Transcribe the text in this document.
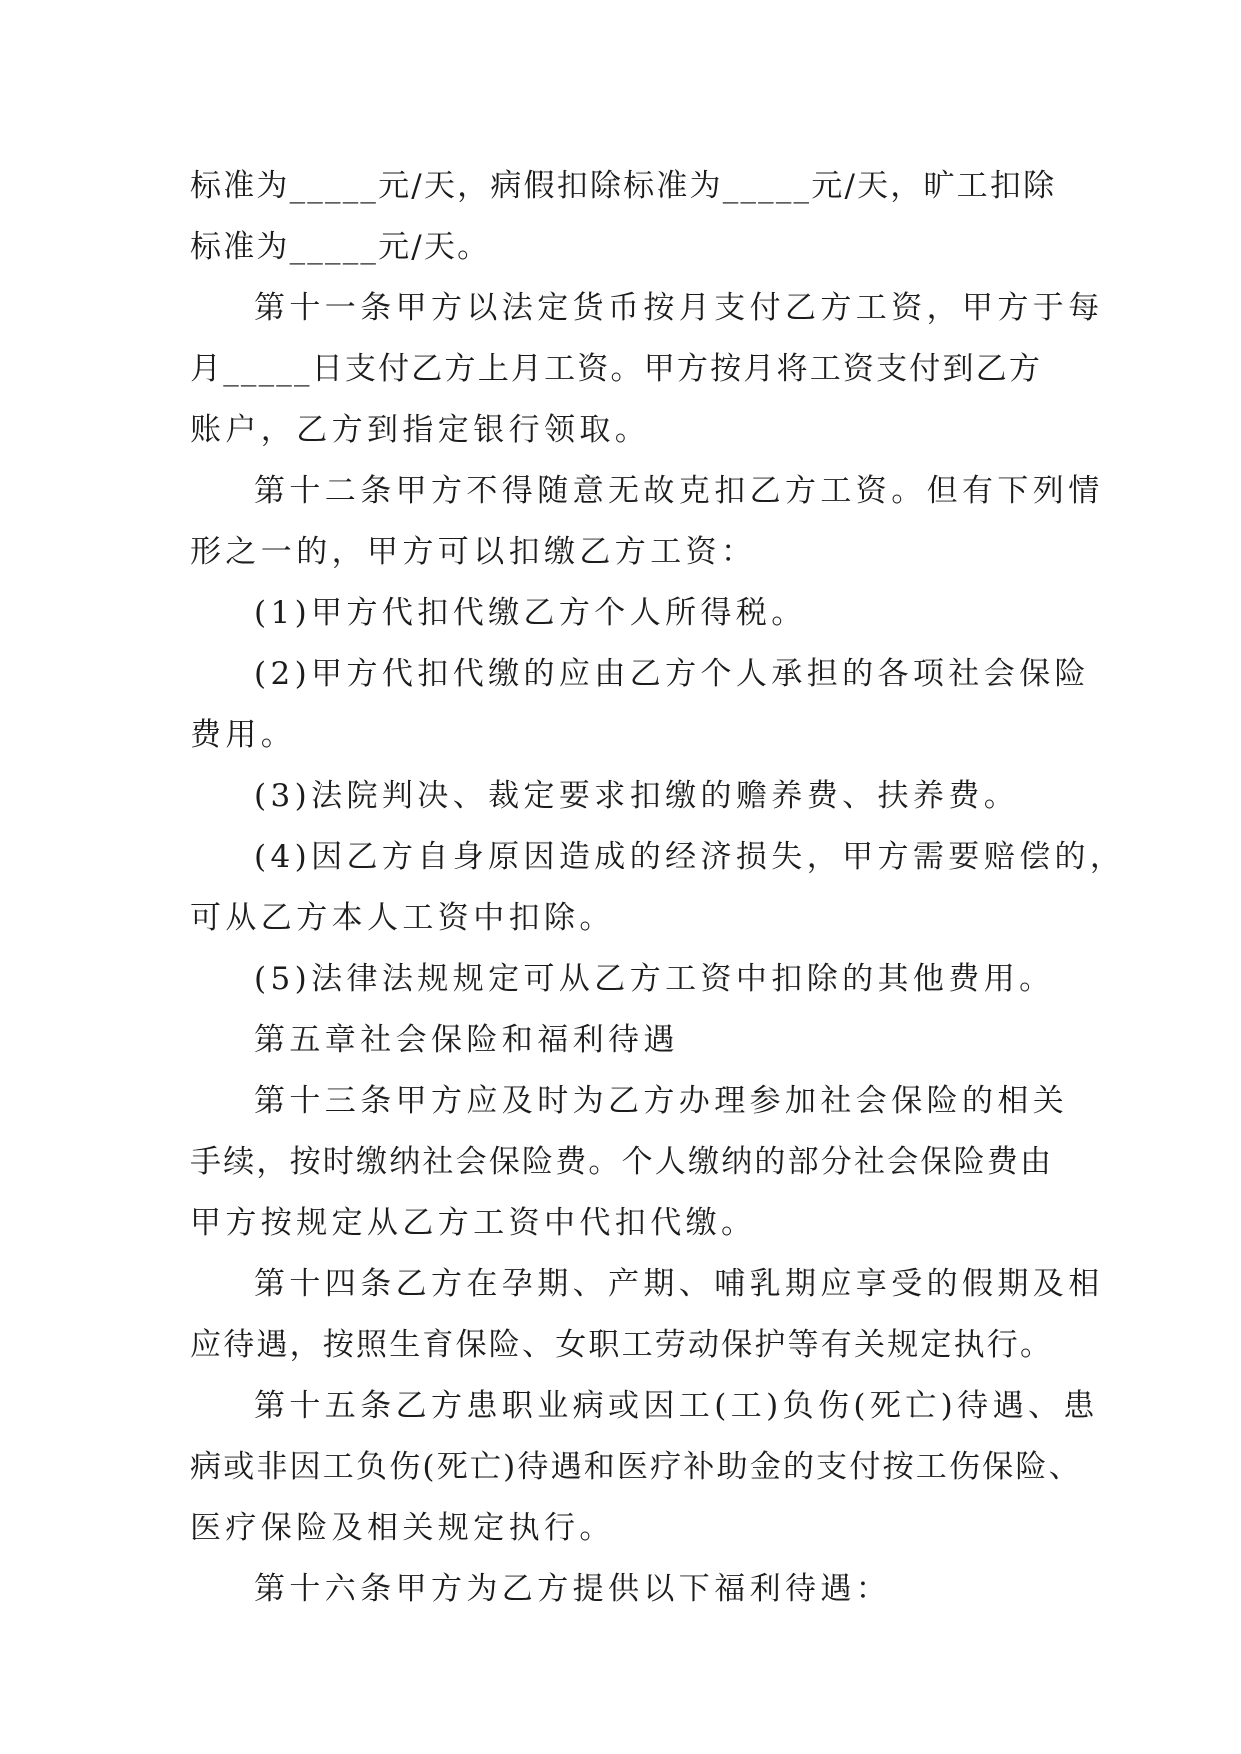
标准为_____元/天，病假扣除标准为_____元/天，旷工扣除
标准为_____元/天。
第十一条甲方以法定货币按月支付乙方工资，甲方于每
月_____日支付乙方上月工资。甲方按月将工资支付到乙方
账户，乙方到指定银行领取。
第十二条甲方不得随意无故克扣乙方工资。但有下列情
形之一的，甲方可以扣缴乙方工资：
(1)甲方代扣代缴乙方个人所得税。
(2)甲方代扣代缴的应由乙方个人承担的各项社会保险
费用。
(3)法院判决、裁定要求扣缴的赡养费、扶养费。
(4)因乙方自身原因造成的经济损失，甲方需要赔偿的，
可从乙方本人工资中扣除。
(5)法律法规规定可从乙方工资中扣除的其他费用。
第五章社会保险和福利待遇
第十三条甲方应及时为乙方办理参加社会保险的相关
手续，按时缴纳社会保险费。个人缴纳的部分社会保险费由
甲方按规定从乙方工资中代扣代缴。
第十四条乙方在孕期、产期、哺乳期应享受的假期及相
应待遇，按照生育保险、女职工劳动保护等有关规定执行。
第十五条乙方患职业病或因工(工)负伤(死亡)待遇、患
病或非因工负伤(死亡)待遇和医疗补助金的支付按工伤保险、
医疗保险及相关规定执行。
第十六条甲方为乙方提供以下福利待遇：
